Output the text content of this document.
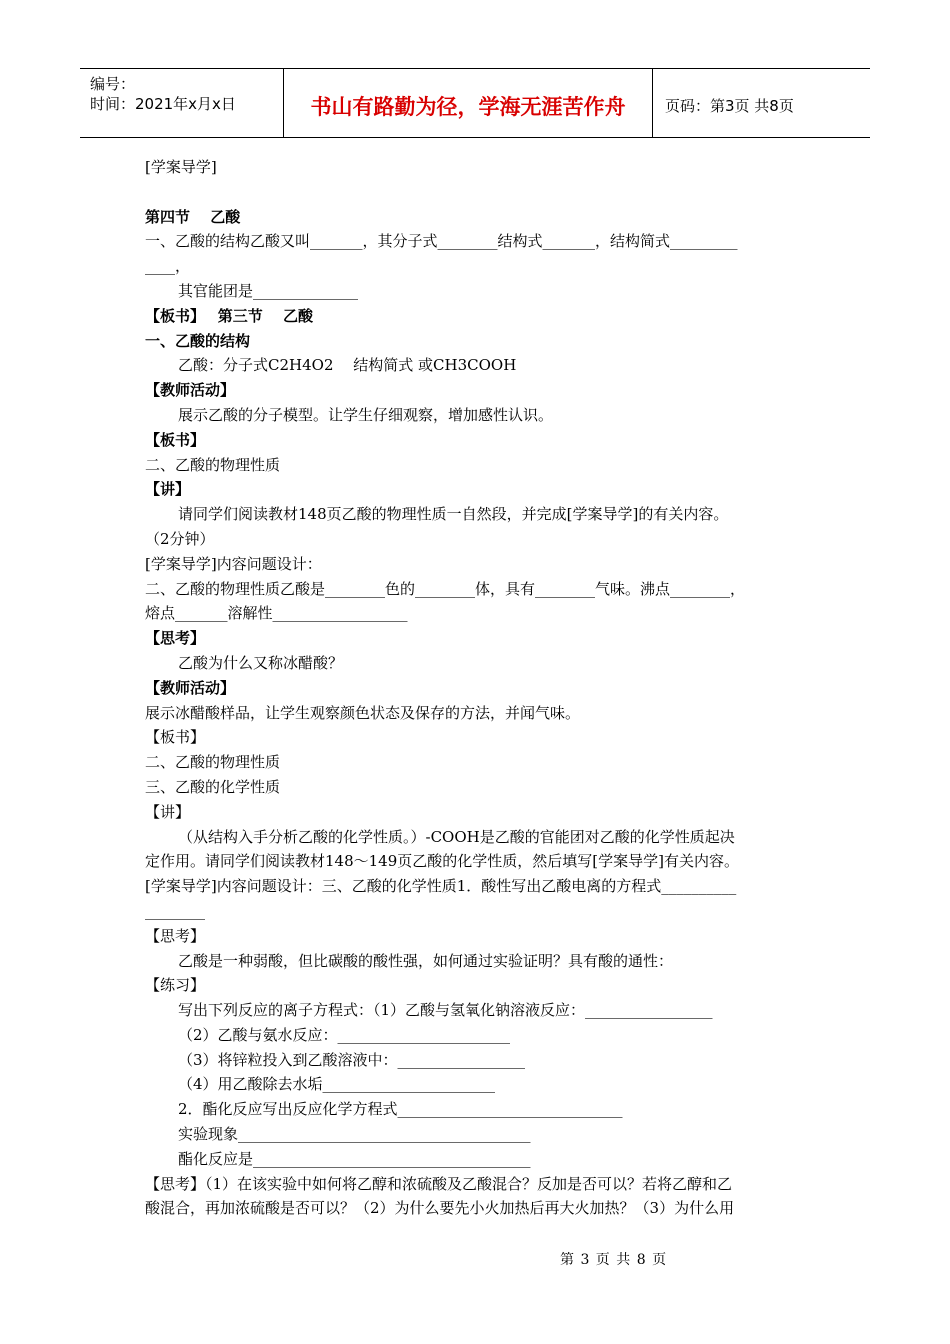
编号：
时间：2021年x月x日	书山有路勤为径，学海无涯苦作舟	页码：第3页 共8页

[学案导学]

第四节　 乙酸

一、乙酸的结构乙酸又叫_______，其分子式________结构式_______，结构简式_________

____，

其官能团是______________

【板书】　 第三节　 乙酸

一、乙酸的结构

乙酸：分子式C2H4O2　 结构简式 或CH3COOH

【教师活动】

展示乙酸的分子模型。让学生仔细观察，增加感性认识。

【板书】

二、乙酸的物理性质

【讲】

请同学们阅读教材148页乙酸的物理性质一自然段，并完成[学案导学]的有关内容。

（2分钟）

[学案导学]内容问题设计：

二、乙酸的物理性质乙酸是________色的________体，具有________气味。沸点________，

熔点_______溶解性__________________

【思考】

乙酸为什么又称冰醋酸？

【教师活动】

展示冰醋酸样品，让学生观察颜色状态及保存的方法，并闻气味。

【板书】

二、乙酸的物理性质

三、乙酸的化学性质

【讲】

（从结构入手分析乙酸的化学性质。）-COOH是乙酸的官能团对乙酸的化学性质起决

定作用。请同学们阅读教材148～149页乙酸的化学性质，然后填写[学案导学]有关内容。

[学案导学]内容问题设计：三、乙酸的化学性质1．酸性写出乙酸电离的方程式__________

________

【思考】

乙酸是一种弱酸，但比碳酸的酸性强，如何通过实验证明？具有酸的通性：

【练习】

写出下列反应的离子方程式：（1）乙酸与氢氧化钠溶液反应：_________________

（2）乙酸与氨水反应：_______________________

（3）将锌粒投入到乙酸溶液中：_________________

（4）用乙酸除去水垢_______________________

2．酯化反应写出反应化学方程式______________________________

实验现象_______________________________________

酯化反应是_____________________________________

【思考】（1）在该实验中如何将乙醇和浓硫酸及乙酸混合？反加是否可以？若将乙醇和乙

酸混合，再加浓硫酸是否可以？（2）为什么要先小火加热后再大火加热？（3）为什么用

第 3 页 共 8 页
